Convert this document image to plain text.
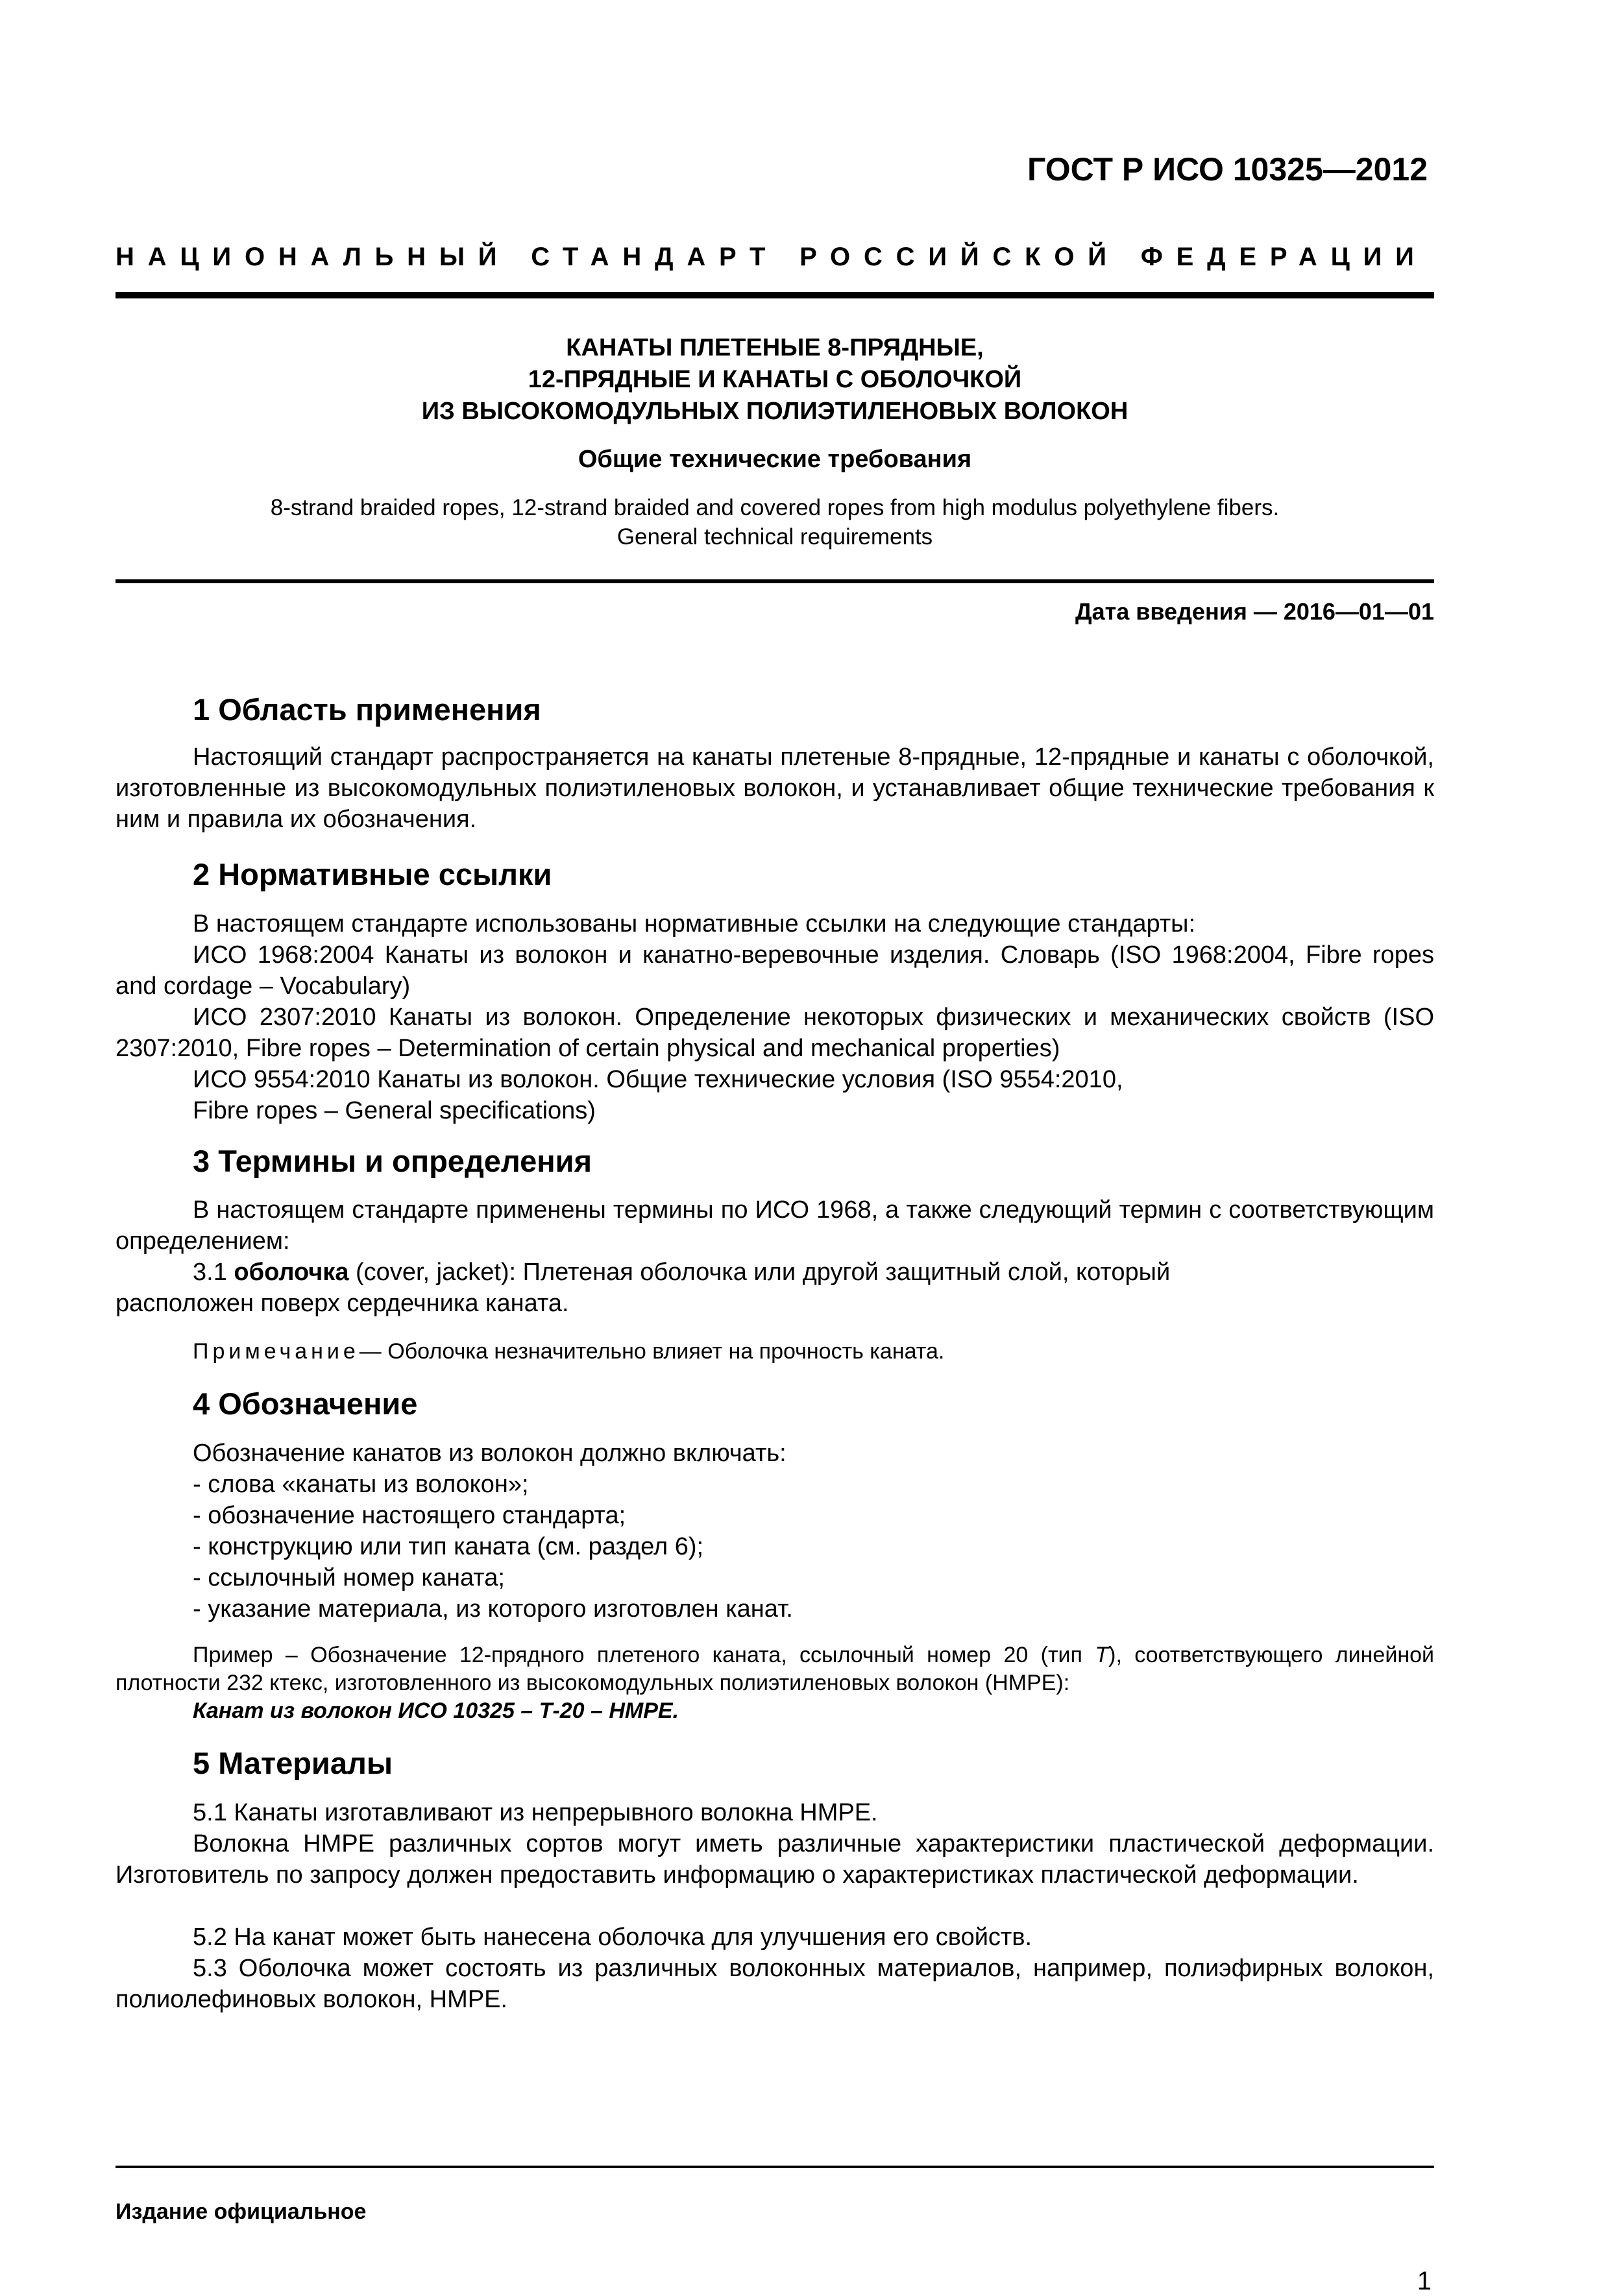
ГОСТ Р ИСО 10325—2012
НАЦИОНАЛЬНЫЙ СТАНДАРТ РОССИЙСКОЙ ФЕДЕРАЦИИ
КАНАТЫ ПЛЕТЕНЫЕ 8-ПРЯДНЫЕ,
12-ПРЯДНЫЕ И КАНАТЫ С ОБОЛОЧКОЙ
ИЗ ВЫСОКОМОДУЛЬНЫХ ПОЛИЭТИЛЕНОВЫХ ВОЛОКОН
Общие технические требования
8-strand braided ropes, 12-strand braided and covered ropes from high modulus polyethylene fibers.
General technical requirements
Дата введения — 2016—01—01
1 Область применения
Настоящий стандарт распространяется на канаты плетеные 8-прядные, 12-прядные и канаты с оболочкой, изготовленные из высокомодульных полиэтиленовых волокон, и устанавливает общие технические требования к ним и правила их обозначения.
2 Нормативные ссылки
В настоящем стандарте использованы нормативные ссылки на следующие стандарты:
ИСО 1968:2004 Канаты из волокон и канатно-веревочные изделия. Словарь (ISO 1968:2004, Fibre ropes and cordage – Vocabulary)
ИСО 2307:2010 Канаты из волокон. Определение некоторых физических и механических свойств (ISO 2307:2010, Fibre ropes – Determination of certain physical and mechanical properties)
ИСО 9554:2010 Канаты из волокон. Общие технические условия (ISO 9554:2010,
Fibre ropes – General specifications)
3 Термины и определения
В настоящем стандарте применены термины по ИСО 1968, а также следующий термин с соответствующим определением:
3.1 оболочка (cover, jacket): Плетеная оболочка или другой защитный слой, который
расположен поверх сердечника каната.
Примечание— Оболочка незначительно влияет на прочность каната.
4 Обозначение
Обозначение канатов из волокон должно включать:
- слова «канаты из волокон»;
- обозначение настоящего стандарта;
- конструкцию или тип каната (см. раздел 6);
- ссылочный номер каната;
- указание материала, из которого изготовлен канат.
Пример – Обозначение 12-прядного плетеного каната, ссылочный номер 20 (тип T), соответствующего линейной плотности 232 ктекс, изготовленного из высокомодульных полиэтиленовых волокон (HMPE):
Канат из волокон ИСО 10325 – Т-20 – HMPE.
5 Материалы
5.1 Канаты изготавливают из непрерывного волокна HMPE.
Волокна HMPE различных сортов могут иметь различные характеристики пластической деформации. Изготовитель по запросу должен предоставить информацию о характеристиках пластической деформации.
5.2 На канат может быть нанесена оболочка для улучшения его свойств.
5.3 Оболочка может состоять из различных волоконных материалов, например, полиэфирных волокон, полиолефиновых волокон, HMPE.
Издание официальное
1
